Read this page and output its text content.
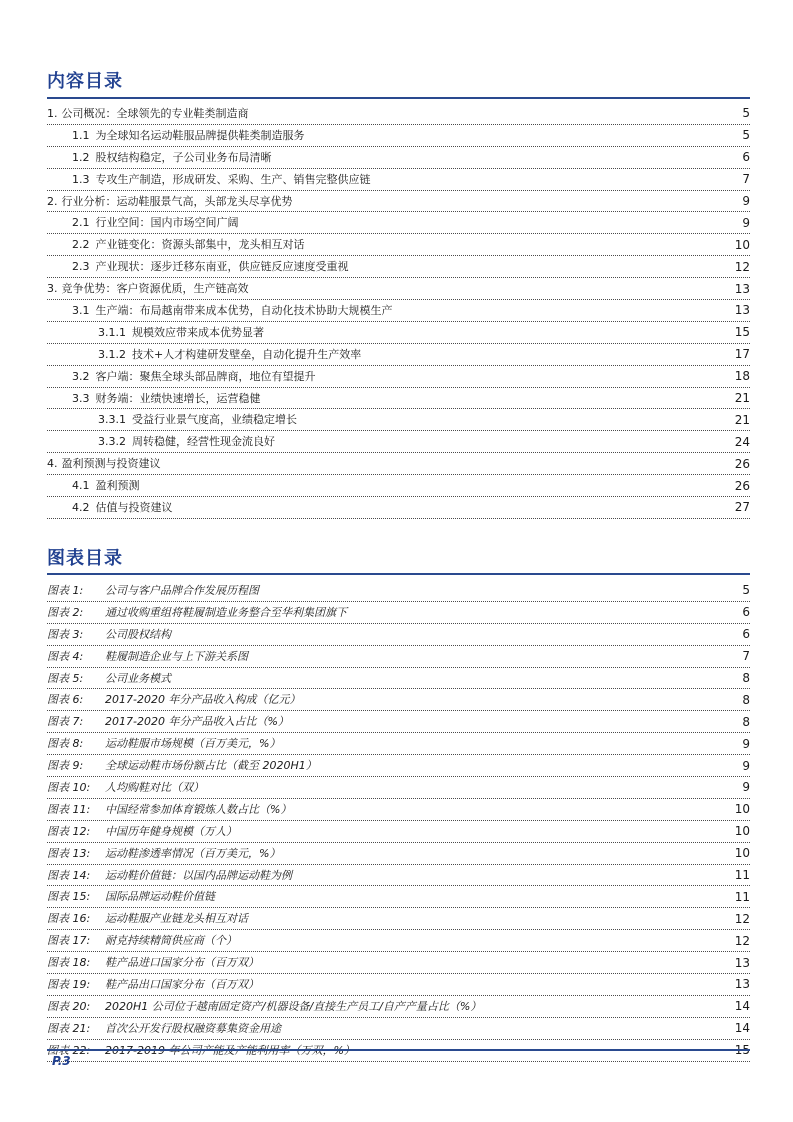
内容目录
1. 公司概况：全球领先的专业鞋类制造商	5
1.1 为全球知名运动鞋服品牌提供鞋类制造服务	5
1.2 股权结构稳定，子公司业务布局清晰	6
1.3 专攻生产制造，形成研发、采购、生产、销售完整供应链	7
2. 行业分析：运动鞋服景气高，头部龙头尽享优势	9
2.1 行业空间：国内市场空间广阔	9
2.2 产业链变化：资源头部集中，龙头相互对话	10
2.3 产业现状：逐步迁移东南亚，供应链反应速度受重视	12
3. 竞争优势：客户资源优质，生产链高效	13
3.1 生产端：布局越南带来成本优势，自动化技术协助大规模生产	13
3.1.1 规模效应带来成本优势显著	15
3.1.2 技术+人才构建研发壁垒，自动化提升生产效率	17
3.2 客户端：聚焦全球头部品牌商，地位有望提升	18
3.3 财务端：业绩快速增长，运营稳健	21
3.3.1 受益行业景气度高，业绩稳定增长	21
3.3.2 周转稳健，经营性现金流良好	24
4. 盈利预测与投资建议	26
4.1 盈利预测	26
4.2 估值与投资建议	27
图表目录
图表 1:	公司与客户品牌合作发展历程图	5
图表 2:	通过收购重组将鞋履制造业务整合至华利集团旗下	6
图表 3:	公司股权结构	6
图表 4:	鞋履制造企业与上下游关系图	7
图表 5:	公司业务模式	8
图表 6:	2017-2020 年分产品收入构成（亿元）	8
图表 7:	2017-2020 年分产品收入占比（%）	8
图表 8:	运动鞋服市场规模（百万美元，%）	9
图表 9:	全球运动鞋市场份额占比（截至 2020H1）	9
图表 10:	人均购鞋对比（双）	9
图表 11:	中国经常参加体育锻炼人数占比（%）	10
图表 12:	中国历年健身规模（万人）	10
图表 13:	运动鞋渗透率情况（百万美元，%）	10
图表 14:	运动鞋价值链：以国内品牌运动鞋为例	11
图表 15:	国际品牌运动鞋价值链	11
图表 16:	运动鞋服产业链龙头相互对话	12
图表 17:	耐克持续精简供应商（个）	12
图表 18:	鞋产品进口国家分布（百万双）	13
图表 19:	鞋产品出口国家分布（百万双）	13
图表 20:	2020H1 公司位于越南固定资产/机器设备/直接生产员工/自产产量占比（%）	14
图表 21:	首次公开发行股权融资募集资金用途	14
图表 22:	2017-2019 年公司产能及产能利用率（万双，%）	15
P.3
